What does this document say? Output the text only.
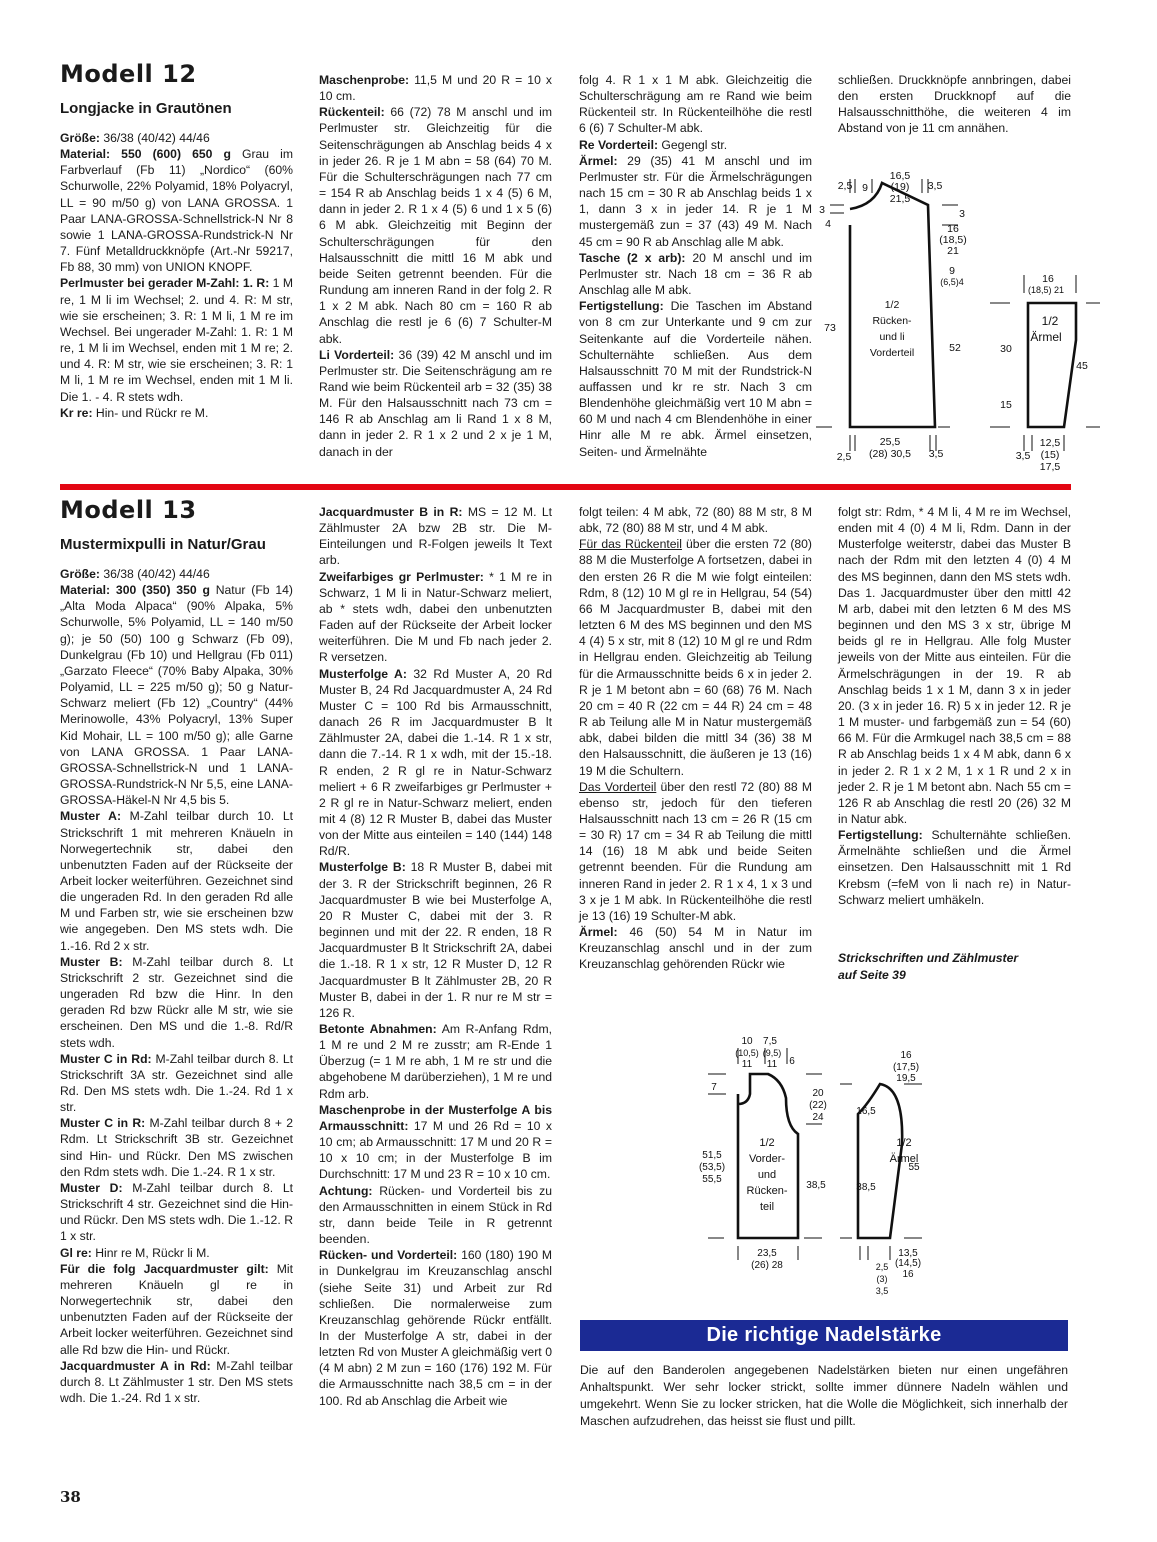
Modell 12
Longjacke in Grautönen

Größe: 36/38 (40/42) 44/46

Material: 550 (600) 650 g Grau im Farbverlauf (Fb 11) „Nordico“ (60% Schurwolle, 22% Polyamid, 18% Polyacryl, LL = 90 m/50 g) von LANA GROSSA. 1 Paar LANA-GROSSA-Schnellstrick-N Nr 8 sowie 1 LANA-GROSSA-Rundstrick-N Nr 7. Fünf Metalldruckknöpfe (Art.-Nr 59217, Fb 88, 30 mm) von UNION KNOPF.

Perlmuster bei gerader M-Zahl: 1. R: 1 M re, 1 M li im Wechsel; 2. und 4. R: M str, wie sie erscheinen; 3. R: 1 M li, 1 M re im Wechsel. Bei ungerader M-Zahl: 1. R: 1 M re, 1 M li im Wechsel, enden mit 1 M re; 2. und 4. R: M str, wie sie erscheinen; 3. R: 1 M li, 1 M re im Wechsel, enden mit 1 M li. Die 1. - 4. R stets wdh.

Kr re: Hin- und Rückr re M.

Maschenprobe: 11,5 M und 20 R = 10 x 10 cm.

Rückenteil: 66 (72) 78 M anschl und im Perlmuster str. Gleichzeitig für die Seitenschrägungen ab Anschlag beids 4 x in jeder 26. R je 1 M abn = 58 (64) 70 M. Für die Schulterschrägungen nach 77 cm = 154 R ab Anschlag beids 1 x 4 (5) 6 M, dann in jeder 2. R 1 x 4 (5) 6 und 1 x 5 (6) 6 M abk. Gleichzeitig mit Beginn der Schulterschrägungen für den Halsausschnitt die mittl 16 M abk und beide Seiten getrennt beenden. Für die Rundung am inneren Rand in der folg 2. R 1 x 2 M abk. Nach 80 cm = 160 R ab Anschlag die restl je 6 (6) 7 Schulter-M abk.

Li Vorderteil: 36 (39) 42 M anschl und im Perlmuster str. Die Seitenschrägung am re Rand wie beim Rückenteil arb = 32 (35) 38 M. Für den Halsausschnitt nach 73 cm = 146 R ab Anschlag am li Rand 1 x 8 M, dann in jeder 2. R 1 x 2 und 2 x je 1 M, danach in der

folg 4. R 1 x 1 M abk. Gleichzeitig die Schulterschrägung am re Rand wie beim Rückenteil str. In Rückenteilhöhe die restl 6 (6) 7 Schulter-M abk.

Re Vorderteil: Gegengl str.

Ärmel: 29 (35) 41 M anschl und im Perlmuster str. Für die Ärmelschrägungen nach 15 cm = 30 R ab Anschlag beids 1 x 1, dann 3 x in jeder 14. R je 1 M mustergemäß zun = 37 (43) 49 M. Nach 45 cm = 90 R ab Anschlag alle M abk.

Tasche (2 x arb): 20 M anschl und im Perlmuster str. Nach 18 cm = 36 R ab Anschlag alle M abk.

Fertigstellung: Die Taschen im Abstand von 8 cm zur Unterkante und 9 cm zur Seitenkante auf die Vorderteile nähen. Schulternähte schließen. Aus dem Halsausschnitt 70 M mit der Rundstrick-N auffassen und kr re str. Nach 3 cm Blendenhöhe gleichmäßig vert 10 M abn = 60 M und nach 4 cm Blendenhöhe in einer Hinr alle M re abk. Ärmel einsetzen, Seiten- und Ärmelnähte

schließen. Druckknöpfe annbringen, dabei den ersten Druckknopf auf die Halsausschnitthöhe, die weiteren 4 im Abstand von je 11 cm annähen.
16,5
(19)
21,5
2,5 9	3,5
3
4
3
16
(18,5)
21
9
(6,5)4
73
52
1/2
Rücken-
und li
Vorderteil
25,5
(28) 30,5
2,5	3,5
16
(18,5) 21
1/2
Ärmel
30
15
45
12,5
(15)
17,5
3,5
Modell 13
Mustermixpulli in Natur/Grau

Größe: 36/38 (40/42) 44/46

Material: 300 (350) 350 g Natur (Fb 14) „Alta Moda Alpaca“ (90% Alpaka, 5% Schurwolle, 5% Polyamid, LL = 140 m/50 g); je 50 (50) 100 g Schwarz (Fb 09), Dunkelgrau (Fb 10) und Hellgrau (Fb 011) „Garzato Fleece“ (70% Baby Alpaka, 30% Polyamid, LL = 225 m/50 g); 50 g Natur-Schwarz meliert (Fb 12) „Country“ (44% Merinowolle, 43% Polyacryl, 13% Super Kid Mohair, LL = 100 m/50 g); alle Garne von LANA GROSSA. 1 Paar LANA-GROSSA-Schnellstrick-N und 1 LANA-GROSSA-Rundstrick-N Nr 5,5, eine LANA-GROSSA-Häkel-N Nr 4,5 bis 5.

Muster A: M-Zahl teilbar durch 10. Lt Strickschrift 1 mit mehreren Knäueln in Norwegertechnik str, dabei den unbenutzten Faden auf der Rückseite der Arbeit locker weiterführen. Gezeichnet sind die ungeraden Rd. In den geraden Rd alle M und Farben str, wie sie erscheinen bzw wie angegeben. Den MS stets wdh. Die 1.-16. Rd 2 x str.

Muster B: M-Zahl teilbar durch 8. Lt Strickschrift 2 str. Gezeichnet sind die ungeraden Rd bzw die Hinr. In den geraden Rd bzw Rückr alle M str, wie sie erscheinen. Den MS und die 1.-8. Rd/R stets wdh.

Muster C in Rd: M-Zahl teilbar durch 8. Lt Strickschrift 3A str. Gezeichnet sind alle Rd. Den MS stets wdh. Die 1.-24. Rd 1 x str.

Muster C in R: M-Zahl teilbar durch 8 + 2 Rdm. Lt Strickschrift 3B str. Gezeichnet sind Hin- und Rückr. Den MS zwischen den Rdm stets wdh. Die 1.-24. R 1 x str.

Muster D: M-Zahl teilbar durch 8. Lt Strickschrift 4 str. Gezeichnet sind die Hin- und Rückr. Den MS stets wdh. Die 1.-12. R 1 x str.

Gl re: Hinr re M, Rückr li M.

Für die folg Jacquardmuster gilt: Mit mehreren Knäueln gl re in Norwegertechnik str, dabei den unbenutzten Faden auf der Rückseite der Arbeit locker weiterführen. Gezeichnet sind alle Rd bzw die Hin- und Rückr.

Jacquardmuster A in Rd: M-Zahl teilbar durch 8. Lt Zählmuster 1 str. Den MS stets wdh. Die 1.-24. Rd 1 x str.

Jacquardmuster B in R: MS = 12 M. Lt Zählmuster 2A bzw 2B str. Die M-Einteilungen und R-Folgen jeweils lt Text arb.

Zweifarbiges gr Perlmuster: * 1 M re in Schwarz, 1 M li in Natur-Schwarz meliert, ab * stets wdh, dabei den unbenutzten Faden auf der Rückseite der Arbeit locker weiterführen. Die M und Fb nach jeder 2. R versetzen.

Musterfolge A: 32 Rd Muster A, 20 Rd Muster B, 24 Rd Jacquardmuster A, 24 Rd Muster C = 100 Rd bis Armausschnitt, danach 26 R im Jacquardmuster B lt Zählmuster 2A, dabei die 1.-14. R 1 x str, dann die 7.-14. R 1 x wdh, mit der 15.-18. R enden, 2 R gl re in Natur-Schwarz meliert + 6 R zweifarbiges gr Perlmuster + 2 R gl re in Natur-Schwarz meliert, enden mit 4 (8) 12 R Muster B, dabei das Muster von der Mitte aus einteilen = 140 (144) 148 Rd/R.

Musterfolge B: 18 R Muster B, dabei mit der 3. R der Strickschrift beginnen, 26 R Jacquardmuster B wie bei Musterfolge A, 20 R Muster C, dabei mit der 3. R beginnen und mit der 22. R enden, 18 R Jacquardmuster B lt Strickschrift 2A, dabei die 1.-18. R 1 x str, 12 R Muster D, 12 R Jacquardmuster B lt Zählmuster 2B, 20 R Muster B, dabei in der 1. R nur re M str = 126 R.

Betonte Abnahmen: Am R-Anfang Rdm, 1 M re und 2 M re zusstr; am R-Ende 1 Überzug (= 1 M re abh, 1 M re str und die abgehobene M darüberziehen), 1 M re und Rdm arb.

Maschenprobe in der Musterfolge A bis Armausschnitt: 17 M und 26 Rd = 10 x 10 cm; ab Armausschnitt: 17 M und 20 R = 10 x 10 cm; in der Musterfolge B im Durchschnitt: 17 M und 23 R = 10 x 10 cm.

Achtung: Rücken- und Vorderteil bis zu den Armausschnitten in einem Stück in Rd str, dann beide Teile in R getrennt beenden.

Rücken- und Vorderteil: 160 (180) 190 M in Dunkelgrau im Kreuzanschlag anschl (siehe Seite 31) und Arbeit zur Rd schließen. Die normalerweise zum Kreuzanschlag gehörende Rückr entfällt. In der Musterfolge A str, dabei in der letzten Rd von Muster A gleichmäßig vert 0 (4 M abn) 2 M zun = 160 (176) 192 M. Für die Armausschnitte nach 38,5 cm = in der 100. Rd ab Anschlag die Arbeit wie

folgt teilen: 4 M abk, 72 (80) 88 M str, 8 M abk, 72 (80) 88 M str, und 4 M abk.

Für das Rückenteil über die ersten 72 (80) 88 M die Musterfolge A fortsetzen, dabei in den ersten 26 R die M wie folgt einteilen: Rdm, 8 (12) 10 M gl re in Hellgrau, 54 (54) 66 M Jacquardmuster B, dabei mit den letzten 6 M des MS beginnen und den MS 4 (4) 5 x str, mit 8 (12) 10 M gl re und Rdm in Hellgrau enden. Gleichzeitig ab Teilung für die Armausschnitte beids 6 x in jeder 2. R je 1 M betont abn = 60 (68) 76 M. Nach 20 cm = 40 R (22 cm = 44 R) 24 cm = 48 R ab Teilung alle M in Natur mustergemäß abk, dabei bilden die mittl 34 (36) 38 M den Halsausschnitt, die äußeren je 13 (16) 19 M die Schultern.

Das Vorderteil über den restl 72 (80) 88 M ebenso str, jedoch für den tieferen Halsausschnitt nach 13 cm = 26 R (15 cm = 30 R) 17 cm = 34 R ab Teilung die mittl 14 (16) 18 M abk und beide Seiten getrennt beenden. Für die Rundung am inneren Rand in jeder 2. R 1 x 4, 1 x 3 und 3 x je 1 M abk. In Rückenteilhöhe die restl je 13 (16) 19 Schulter-M abk.

Ärmel: 46 (50) 54 M in Natur im Kreuzanschlag anschl und in der zum Kreuzanschlag gehörenden Rückr wie

folgt str: Rdm, * 4 M li, 4 M re im Wechsel, enden mit 4 (0) 4 M li, Rdm. Dann in der Musterfolge weiterstr, dabei das Muster B nach der Rdm mit den letzten 4 (0) 4 M des MS beginnen, dann den MS stets wdh. Das 1. Jacquardmuster über den mittl 42 M arb, dabei mit den letzten 6 M des MS beginnen und den MS 3 x str, übrige M beids gl re in Hellgrau. Alle folg Muster jeweils von der Mitte aus einteilen. Für die Ärmelschrägungen in der 19. R ab Anschlag beids 1 x 1 M, dann 3 x in jeder 20. (3 x in jeder 16. R) 5 x in jeder 12. R je 1 M muster- und farbgemäß zun = 54 (60) 66 M. Für die Armkugel nach 38,5 cm = 88 R ab Anschlag beids 1 x 4 M abk, dann 6 x in jeder 2. R 1 x 2 M, 1 x 1 R und 2 x in jeder 2. R je 1 M betont abn. Nach 55 cm = 126 R ab Anschlag die restl 20 (26) 32 M in Natur abk.

Fertigstellung: Schulternähte schließen. Ärmelnähte schließen und die Ärmel einsetzen. Den Halsausschnitt mit 1 Rd Krebsm (=feM von li nach re) in Natur-Schwarz meliert umhäkeln.

Strickschriften und Zählmuster
auf Seite 39
10
(10,5)
11
7,5
(9,5)
11 6
7
20
(22)
24
51,5
(53,5)
55,5
38,5
1/2
Vorder-
und
Rücken-
teil
23,5
(26) 28
16
(17,5)
19,5
16,5
38,5
55
1/2
Ärmel
13,5
(14,5)
16
2,5
(3)
3,5
Die richtige Nadelstärke
Die auf den Banderolen angegebenen Nadelstärken bieten nur einen ungefähren Anhaltspunkt. Wer sehr locker strickt, sollte immer dünnere Nadeln wählen und umgekehrt. Wenn Sie zu locker stricken, hat die Wolle die Möglichkeit, sich innerhalb der Maschen aufzudrehen, das heisst sie flust und pillt.
38
